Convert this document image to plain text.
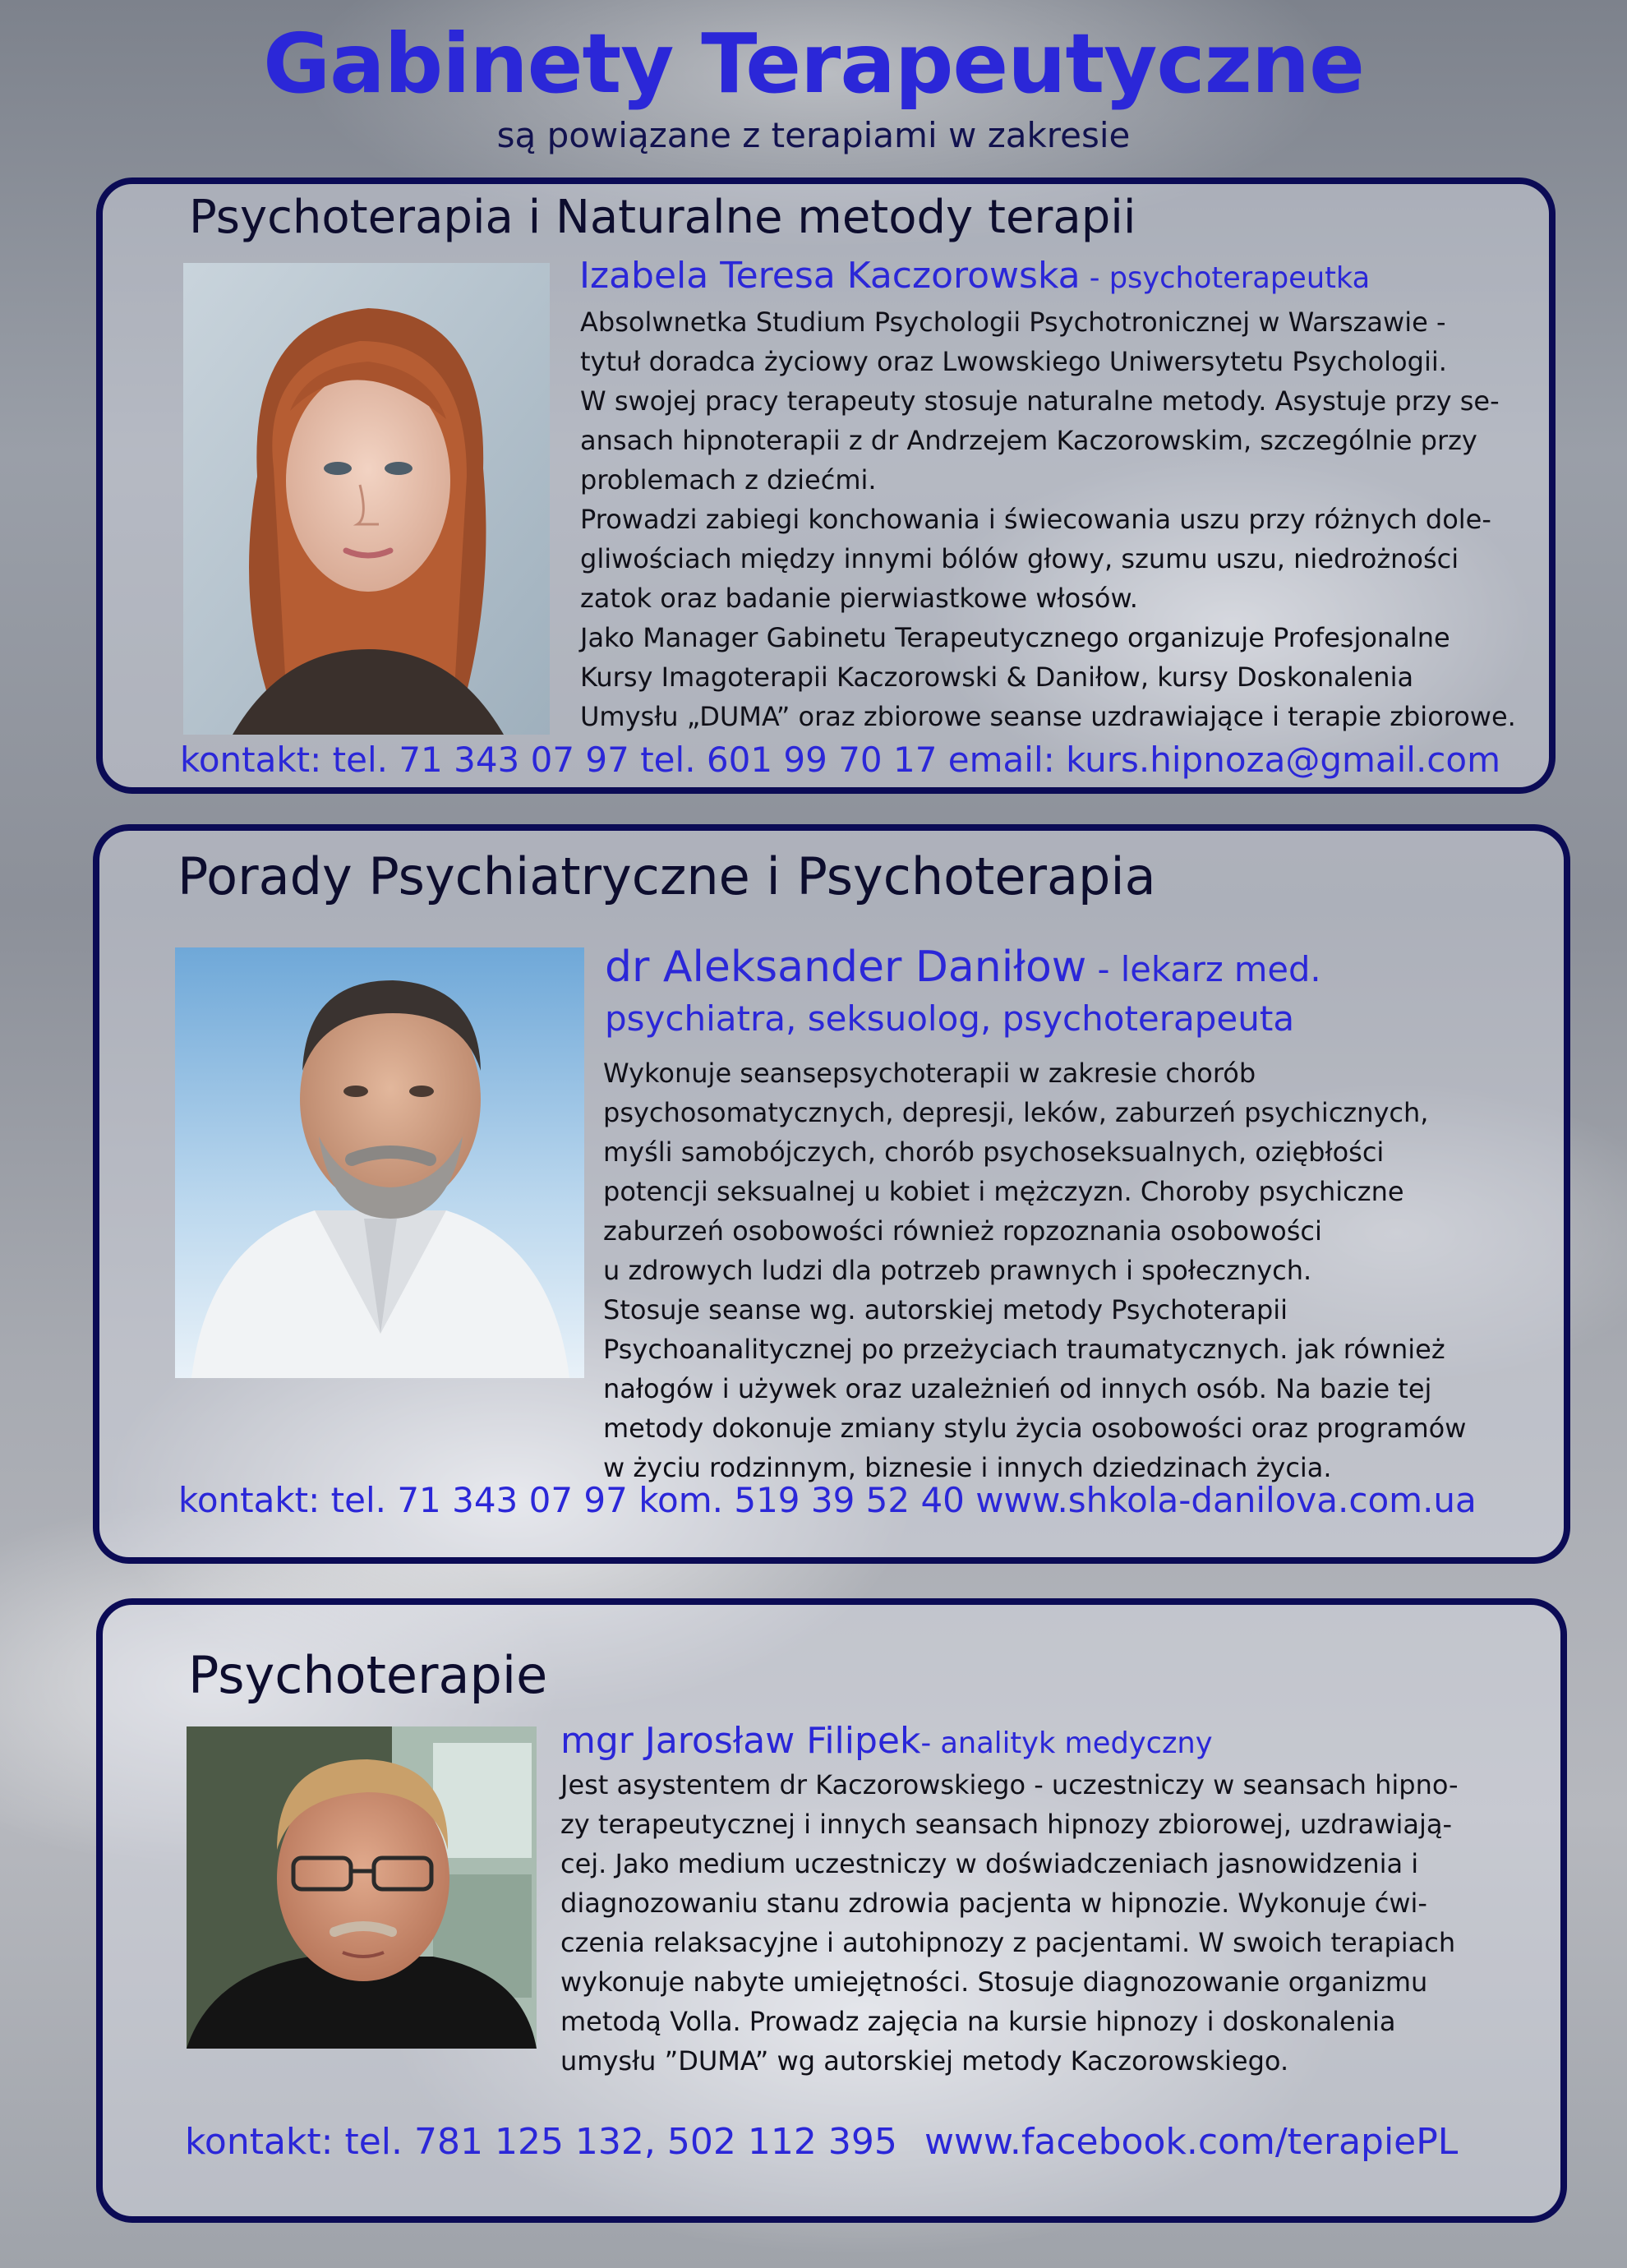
Gabinety Terapeutyczne
są powiązane z terapiami w zakresie
Psychoterapia i Naturalne metody terapii
Izabela Teresa Kaczorowska - psychoterapeutka

Absolwnetka Studium Psychologii Psychotronicznej w Warszawie -

tytuł doradca życiowy oraz Lwowskiego Uniwersytetu Psychologii.

W swojej pracy terapeuty stosuje naturalne metody. Asystuje przy se-

ansach hipnoterapii z dr Andrzejem Kaczorowskim, szczególnie przy

problemach z dziećmi.

Prowadzi zabiegi konchowania i świecowania uszu przy różnych dole-

gliwościach między innymi bólów głowy, szumu uszu, niedrożności

zatok oraz badanie pierwiastkowe włosów.

Jako Manager Gabinetu Terapeutycznego organizuje Profesjonalne

Kursy Imagoterapii Kaczorowski & Daniłow, kursy Doskonalenia

Umysłu „DUMA” oraz zbiorowe seanse uzdrawiające i terapie zbiorowe.

kontakt: tel. 71 343 07 97 tel. 601 99 70 17 email: kurs.hipnoza@gmail.com
Porady Psychiatryczne i Psychoterapia
dr Aleksander Daniłow - lekarz med.
psychiatra, seksuolog, psychoterapeuta

Wykonuje seansepsychoterapii w zakresie chorób

psychosomatycznych, depresji, leków, zaburzeń psychicznych,

myśli samobójczych, chorób psychoseksualnych, oziębłości

potencji seksualnej u kobiet i mężczyzn. Choroby psychiczne

zaburzeń osobowości również ropzoznania osobowości

u zdrowych ludzi dla potrzeb prawnych i społecznych.

Stosuje seanse wg. autorskiej metody Psychoterapii

Psychoanalitycznej po przeżyciach traumatycznych. jak również

nałogów i używek oraz uzależnień od innych osób. Na bazie tej

metody dokonuje zmiany stylu życia osobowości oraz programów

w życiu rodzinnym, biznesie i innych dziedzinach życia.

kontakt: tel. 71 343 07 97 kom. 519 39 52 40 www.shkola-danilova.com.ua
Psychoterapie
mgr Jarosław Filipek- analityk medyczny

Jest asystentem dr Kaczorowskiego - uczestniczy w seansach hipno-

zy terapeutycznej i innych seansach hipnozy zbiorowej, uzdrawiają-

cej. Jako medium uczestniczy w doświadczeniach jasnowidzenia i

diagnozowaniu stanu zdrowia pacjenta w hipnozie. Wykonuje ćwi-

czenia relaksacyjne i autohipnozy z pacjentami. W swoich terapiach

wykonuje nabyte umiejętności. Stosuje diagnozowanie organizmu

metodą Volla. Prowadz zajęcia na kursie hipnozy i doskonalenia

umysłu ”DUMA” wg autorskiej metody Kaczorowskiego.

kontakt: tel. 781 125 132, 502 112 395 www.facebook.com/terapiePL
